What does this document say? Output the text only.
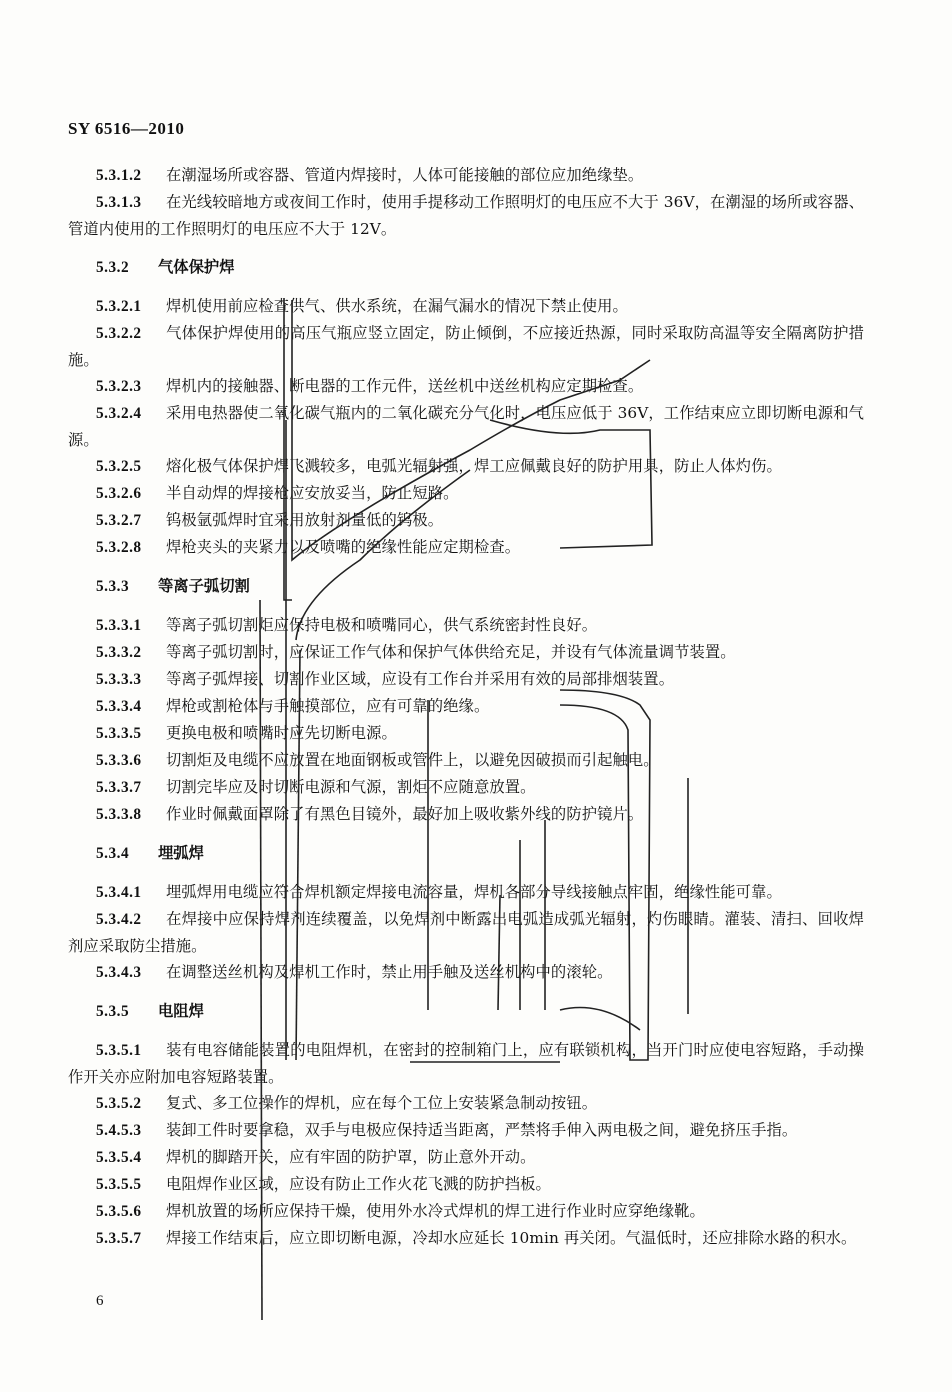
SY 6516—2010
5.3.1.2 在潮湿场所或容器、管道内焊接时，人体可能接触的部位应加绝缘垫。
5.3.1.3 在光线较暗地方或夜间工作时，使用手提移动工作照明灯的电压应不大于 36V，在潮湿的场所或容器、管道内使用的工作照明灯的电压应不大于 12V。
5.3.2 气体保护焊
5.3.2.1 焊机使用前应检查供气、供水系统，在漏气漏水的情况下禁止使用。
5.3.2.2 气体保护焊使用的高压气瓶应竖立固定，防止倾倒，不应接近热源，同时采取防高温等安全隔离防护措施。
5.3.2.3 焊机内的接触器、断电器的工作元件，送丝机中送丝机构应定期检查。
5.3.2.4 采用电热器使二氧化碳气瓶内的二氧化碳充分气化时，电压应低于 36V，工作结束应立即切断电源和气源。
5.3.2.5 熔化极气体保护焊飞溅较多，电弧光辐射强，焊工应佩戴良好的防护用具，防止人体灼伤。
5.3.2.6 半自动焊的焊接枪应安放妥当，防止短路。
5.3.2.7 钨极氩弧焊时宜采用放射剂量低的钨极。
5.3.2.8 焊枪夹头的夹紧力以及喷嘴的绝缘性能应定期检查。
5.3.3 等离子弧切割
5.3.3.1 等离子弧切割炬应保持电极和喷嘴同心，供气系统密封性良好。
5.3.3.2 等离子弧切割时，应保证工作气体和保护气体供给充足，并设有气体流量调节装置。
5.3.3.3 等离子弧焊接、切割作业区域，应设有工作台并采用有效的局部排烟装置。
5.3.3.4 焊枪或割枪体与手触摸部位，应有可靠的绝缘。
5.3.3.5 更换电极和喷嘴时应先切断电源。
5.3.3.6 切割炬及电缆不应放置在地面钢板或管件上，以避免因破损而引起触电。
5.3.3.7 切割完毕应及时切断电源和气源，割炬不应随意放置。
5.3.3.8 作业时佩戴面罩除了有黑色目镜外，最好加上吸收紫外线的防护镜片。
5.3.4 埋弧焊
5.3.4.1 埋弧焊用电缆应符合焊机额定焊接电流容量，焊机各部分导线接触点牢固，绝缘性能可靠。
5.3.4.2 在焊接中应保持焊剂连续覆盖，以免焊剂中断露出电弧造成弧光辐射，灼伤眼睛。灌装、清扫、回收焊剂应采取防尘措施。
5.3.4.3 在调整送丝机构及焊机工作时，禁止用手触及送丝机构中的滚轮。
5.3.5 电阻焊
5.3.5.1 装有电容储能装置的电阻焊机，在密封的控制箱门上，应有联锁机构，当开门时应使电容短路，手动操作开关亦应附加电容短路装置。
5.3.5.2 复式、多工位操作的焊机，应在每个工位上安装紧急制动按钮。
5.4.5.3 装卸工件时要拿稳，双手与电极应保持适当距离，严禁将手伸入两电极之间，避免挤压手指。
5.3.5.4 焊机的脚踏开关，应有牢固的防护罩，防止意外开动。
5.3.5.5 电阻焊作业区域，应设有防止工作火花飞溅的防护挡板。
5.3.5.6 焊机放置的场所应保持干燥，使用外水冷式焊机的焊工进行作业时应穿绝缘靴。
5.3.5.7 焊接工作结束后，应立即切断电源，冷却水应延长 10min 再关闭。气温低时，还应排除水路的积水。
6
